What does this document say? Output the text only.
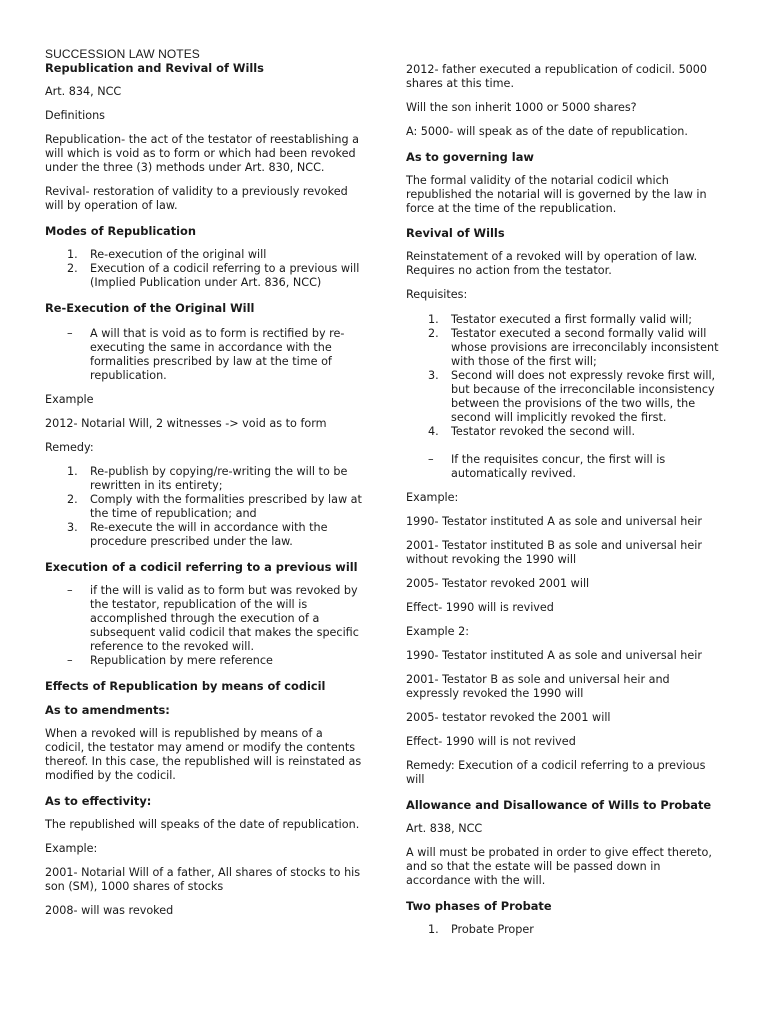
SUCCESSION LAW NOTES
Republication and Revival of Wills

Art. 834, NCC

Definitions

Republication- the act of the testator of reestablishing a will which is void as to form or which had been revoked under the three (3) methods under Art. 830, NCC.

Revival- restoration of validity to a previously revoked will by operation of law.

Modes of Republication
1. Re-execution of the original will
2. Execution of a codicil referring to a previous will (Implied Publication under Art. 836, NCC)
Re-Execution of the Original Will
– A will that is void as to form is rectified by re-executing the same in accordance with the formalities prescribed by law at the time of republication.

Example

2012- Notarial Will, 2 witnesses -> void as to form

Remedy:

1. Re-publish by copying/re-writing the will to be rewritten in its entirety;
2. Comply with the formalities prescribed by law at the time of republication; and
3. Re-execute the will in accordance with the procedure prescribed under the law.
Execution of a codicil referring to a previous will
– if the will is valid as to form but was revoked by the testator, republication of the will is accomplished through the execution of a subsequent valid codicil that makes the specific reference to the revoked will.
– Republication by mere reference
Effects of Republication by means of codicil
As to amendments:

When a revoked will is republished by means of a codicil, the testator may amend or modify the contents thereof. In this case, the republished will is reinstated as modified by the codicil.

As to effectivity:

The republished will speaks of the date of republication.

Example:

2001- Notarial Will of a father, All shares of stocks to his son (SM), 1000 shares of stocks

2008- will was revoked

2012- father executed a republication of codicil. 5000 shares at this time.

Will the son inherit 1000 or 5000 shares?

A: 5000- will speak as of the date of republication.

As to governing law

The formal validity of the notarial codicil which republished the notarial will is governed by the law in force at the time of the republication.

Revival of Wills

Reinstatement of a revoked will by operation of law. Requires no action from the testator.

Requisites:

1. Testator executed a first formally valid will;
2. Testator executed a second formally valid will whose provisions are irreconcilably inconsistent with those of the first will;
3. Second will does not expressly revoke first will, but because of the irreconcilable inconsistency between the provisions of the two wills, the second will implicitly revoked the first.
4. Testator revoked the second will.
– If the requisites concur, the first will is automatically revived.

Example:

1990- Testator instituted A as sole and universal heir

2001- Testator instituted B as sole and universal heir without revoking the 1990 will

2005- Testator revoked 2001 will

Effect- 1990 will is revived

Example 2:

1990- Testator instituted A as sole and universal heir

2001- Testator B as sole and universal heir and expressly revoked the 1990 will

2005- testator revoked the 2001 will

Effect- 1990 will is not revived

Remedy: Execution of a codicil referring to a previous will

Allowance and Disallowance of Wills to Probate

Art. 838, NCC

A will must be probated in order to give effect thereto, and so that the estate will be passed down in accordance with the will.

Two phases of Probate
1. Probate Proper
